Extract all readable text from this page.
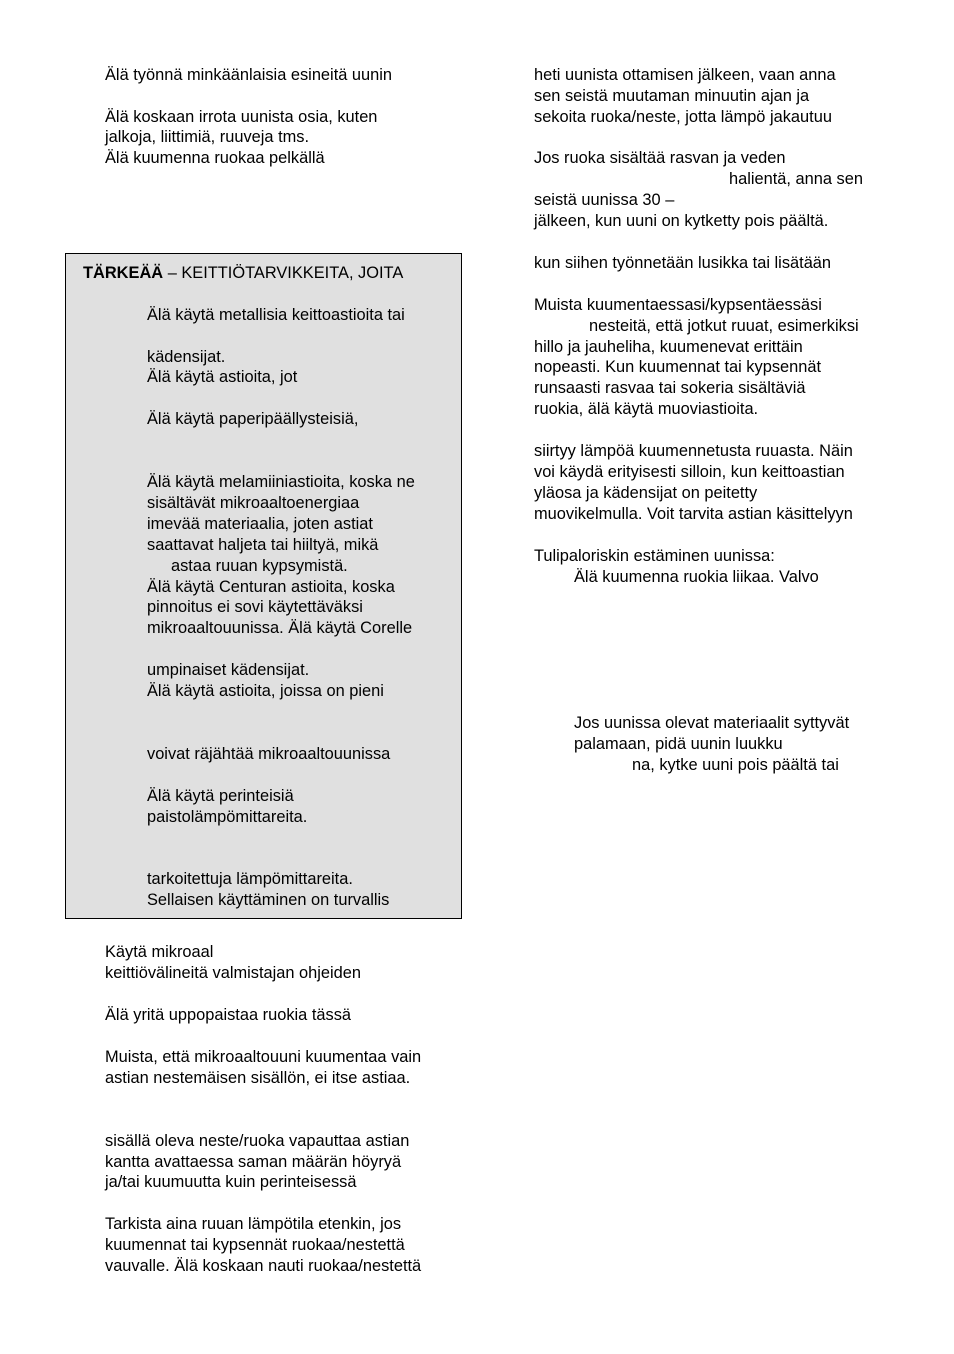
Älä työnnä minkäänlaisia esineitä uunin
Älä koskaan irrota uunista osia, kuten
jalkoja, liittimiä, ruuveja tms.
Älä kuumenna ruokaa pelkällä
TÄRKEÄÄ – KEITTIÖTARVIKKEITA, JOITA
Älä käytä metallisia keittoastioita tai
kädensijat.
Älä käytä astioita, jot
Älä käytä paperipäällysteisiä,
Älä käytä melamiiniastioita, koska ne
sisältävät mikroaaltoenergiaa
imevää materiaalia, joten astiat
saattavat haljeta tai hiiltyä, mikä
astaa ruuan kypsymistä.
Älä käytä Centuran astioita, koska
pinnoitus ei sovi käytettäväksi
mikroaaltouunissa. Älä käytä Corelle
umpinaiset kädensijat.
Älä käytä astioita, joissa on pieni
voivat räjähtää mikroaaltouunissa
Älä käytä perinteisiä
paistolämpömittareita.
tarkoitettuja lämpömittareita.
Sellaisen käyttäminen on turvallis
Käytä mikroaal
keittiövälineitä valmistajan ohjeiden
Älä yritä uppopaistaa ruokia tässä
Muista, että mikroaaltouuni kuumentaa vain
astian nestemäisen sisällön, ei itse astiaa.
sisällä oleva neste/ruoka vapauttaa astian
kantta avattaessa saman määrän höyryä
ja/tai kuumuutta kuin perinteisessä
Tarkista aina ruuan lämpötila etenkin, jos
kuumennat tai kypsennät ruokaa/nestettä
vauvalle. Älä koskaan nauti ruokaa/nestettä
heti uunista ottamisen jälkeen, vaan anna
sen seistä muutaman minuutin ajan ja
sekoita ruoka/neste, jotta lämpö jakautuu
Jos ruoka sisältää rasvan ja veden
halientä, anna sen
seistä uunissa 30 –
jälkeen, kun uuni on kytketty pois päältä.
kun siihen työnnetään lusikka tai lisätään
Muista kuumentaessasi/kypsentäessäsi
nesteitä, että jotkut ruuat, esimerkiksi
hillo ja jauheliha, kuumenevat erittäin
nopeasti. Kun kuumennat tai kypsennät
runsaasti rasvaa tai sokeria sisältäviä
ruokia, älä käytä muoviastioita.
siirtyy lämpöä kuumennetusta ruuasta. Näin
voi käydä erityisesti silloin, kun keittoastian
yläosa ja kädensijat on peitetty
muovikelmulla. Voit tarvita astian käsittelyyn
Tulipaloriskin estäminen uunissa:
Älä kuumenna ruokia liikaa. Valvo
Jos uunissa olevat materiaalit syttyvät
palamaan, pidä uunin luukku
na, kytke uuni pois päältä tai
